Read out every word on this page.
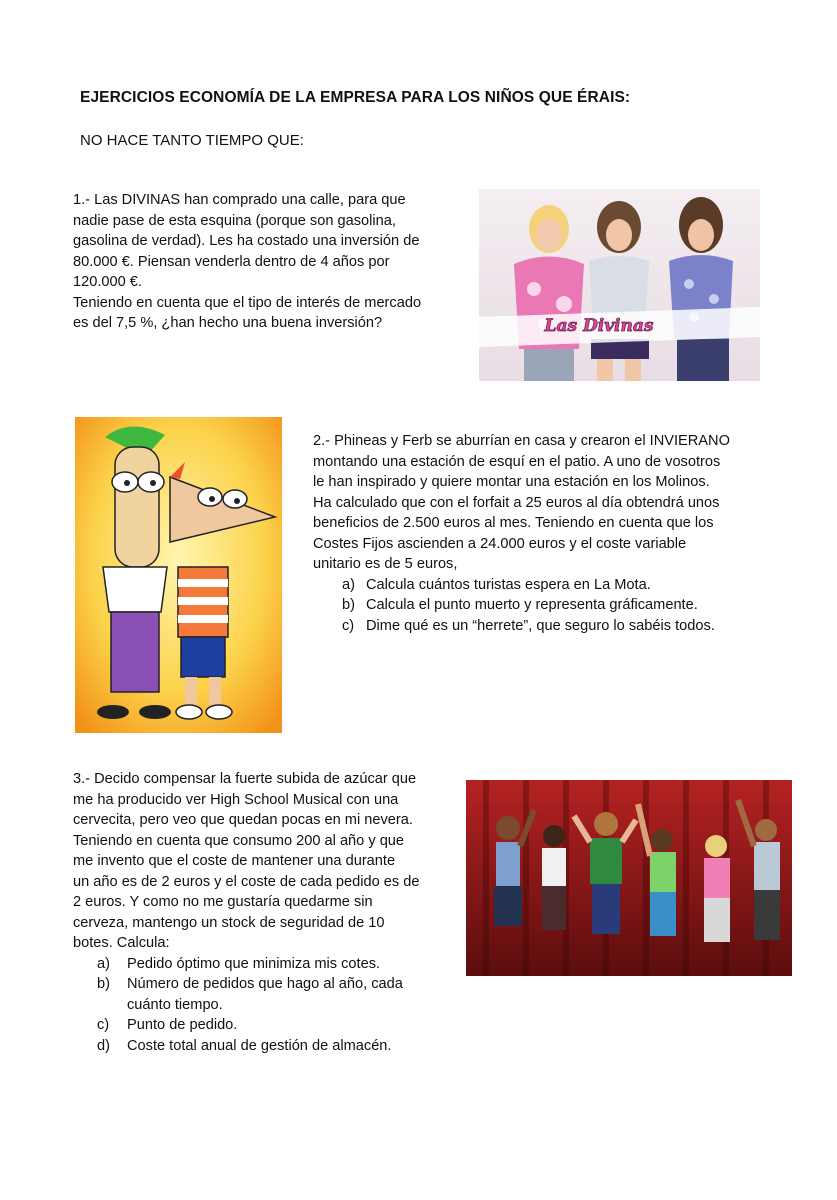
EJERCICIOS ECONOMÍA DE LA EMPRESA PARA LOS NIÑOS QUE ÉRAIS:
NO HACE TANTO TIEMPO QUE:
1.- Las DIVINAS han comprado una calle, para que
nadie pase de esta esquina (porque son gasolina,
gasolina de verdad). Les ha costado una inversión de
80.000 €. Piensan venderla dentro de 4 años por
120.000 €.
Teniendo en cuenta que el tipo de interés de mercado
es del 7,5 %, ¿han hecho una buena inversión?	Las Divinas
2.- Phineas y Ferb se aburrían en casa y crearon el INVIERANO
montando una estación de esquí en el patio. A uno de vosotros
le han inspirado y quiere montar una estación en los Molinos.
Ha calculado que con el forfait a 25 euros al día obtendrá unos
beneficios de 2.500 euros al mes. Teniendo en cuenta que los
Costes Fijos ascienden a 24.000 euros y el coste variable
unitario es de 5 euros,
a) Calcula cuántos turistas espera en La Mota.
b) Calcula el punto muerto y representa gráficamente.
c) Dime qué es un “herrete”, que seguro lo sabéis todos.
3.- Decido compensar la fuerte subida de azúcar que
me ha producido ver High School Musical con una
cervecita, pero veo que quedan pocas en mi nevera.
Teniendo en cuenta que consumo 200 al año y que
me invento que el coste de mantener una durante
un año es de 2 euros y el coste de cada pedido es de
2 euros. Y como no me gustaría quedarme sin
cerveza, mantengo un stock de seguridad de 10
botes. Calcula:
a)	Pedido óptimo que minimiza mis cotes.
b)	Número de pedidos que hago al año, cada
cuánto tiempo.
c)	Punto de pedido.
d)	Coste total anual de gestión de almacén.
